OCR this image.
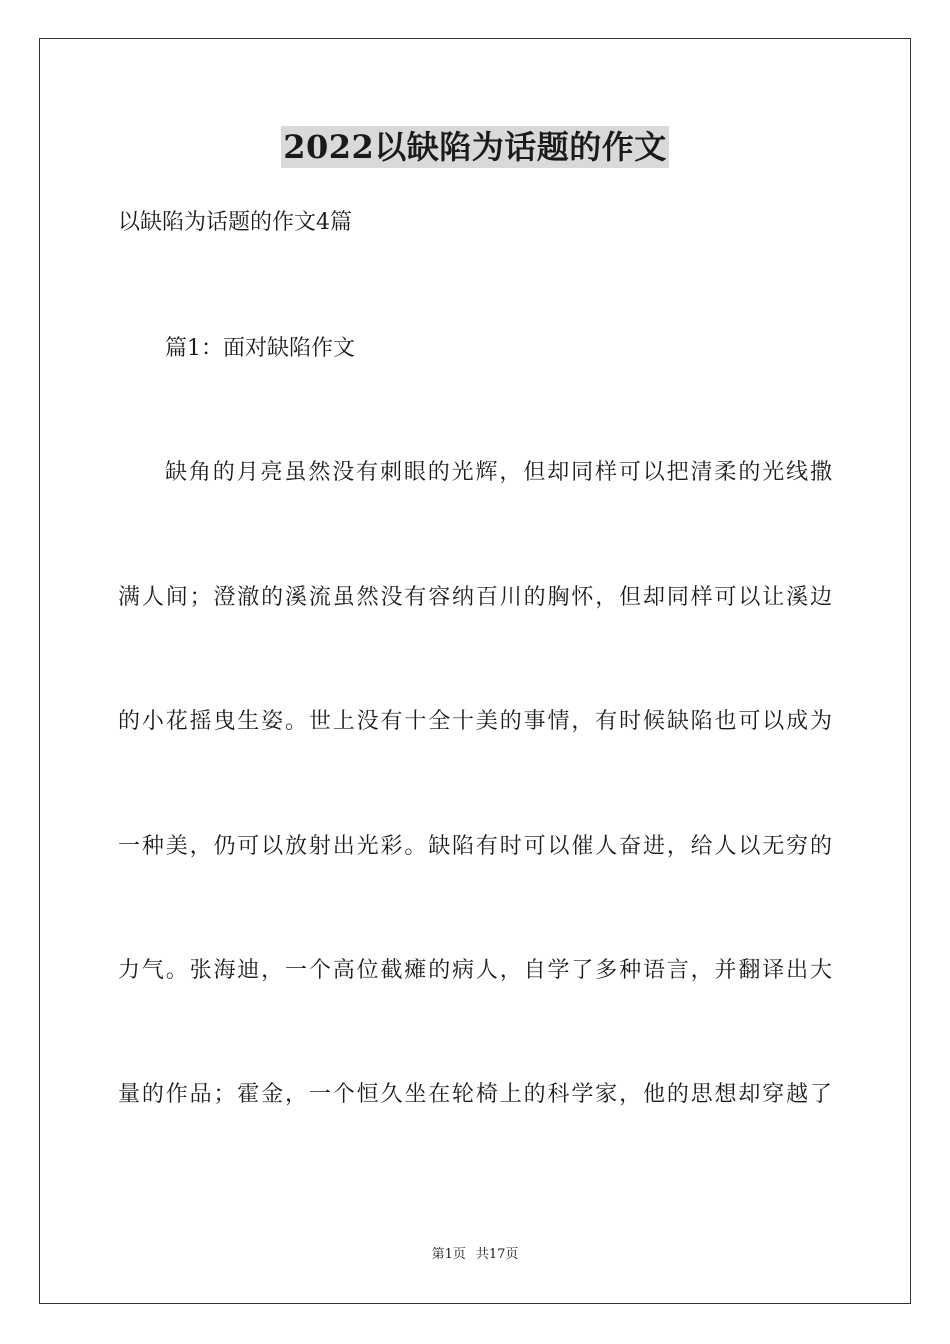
2022以缺陷为话题的作文
以缺陷为话题的作文4篇
篇1：面对缺陷作文
缺角的月亮虽然没有刺眼的光辉，但却同样可以把清柔的光线撒
满人间；澄澈的溪流虽然没有容纳百川的胸怀，但却同样可以让溪边
的小花摇曳生姿。世上没有十全十美的事情，有时候缺陷也可以成为
一种美，仍可以放射出光彩。缺陷有时可以催人奋进，给人以无穷的
力气。张海迪，一个高位截瘫的病人，自学了多种语言，并翻译出大
量的作品；霍金，一个恒久坐在轮椅上的科学家，他的思想却穿越了
第1页 共17页
